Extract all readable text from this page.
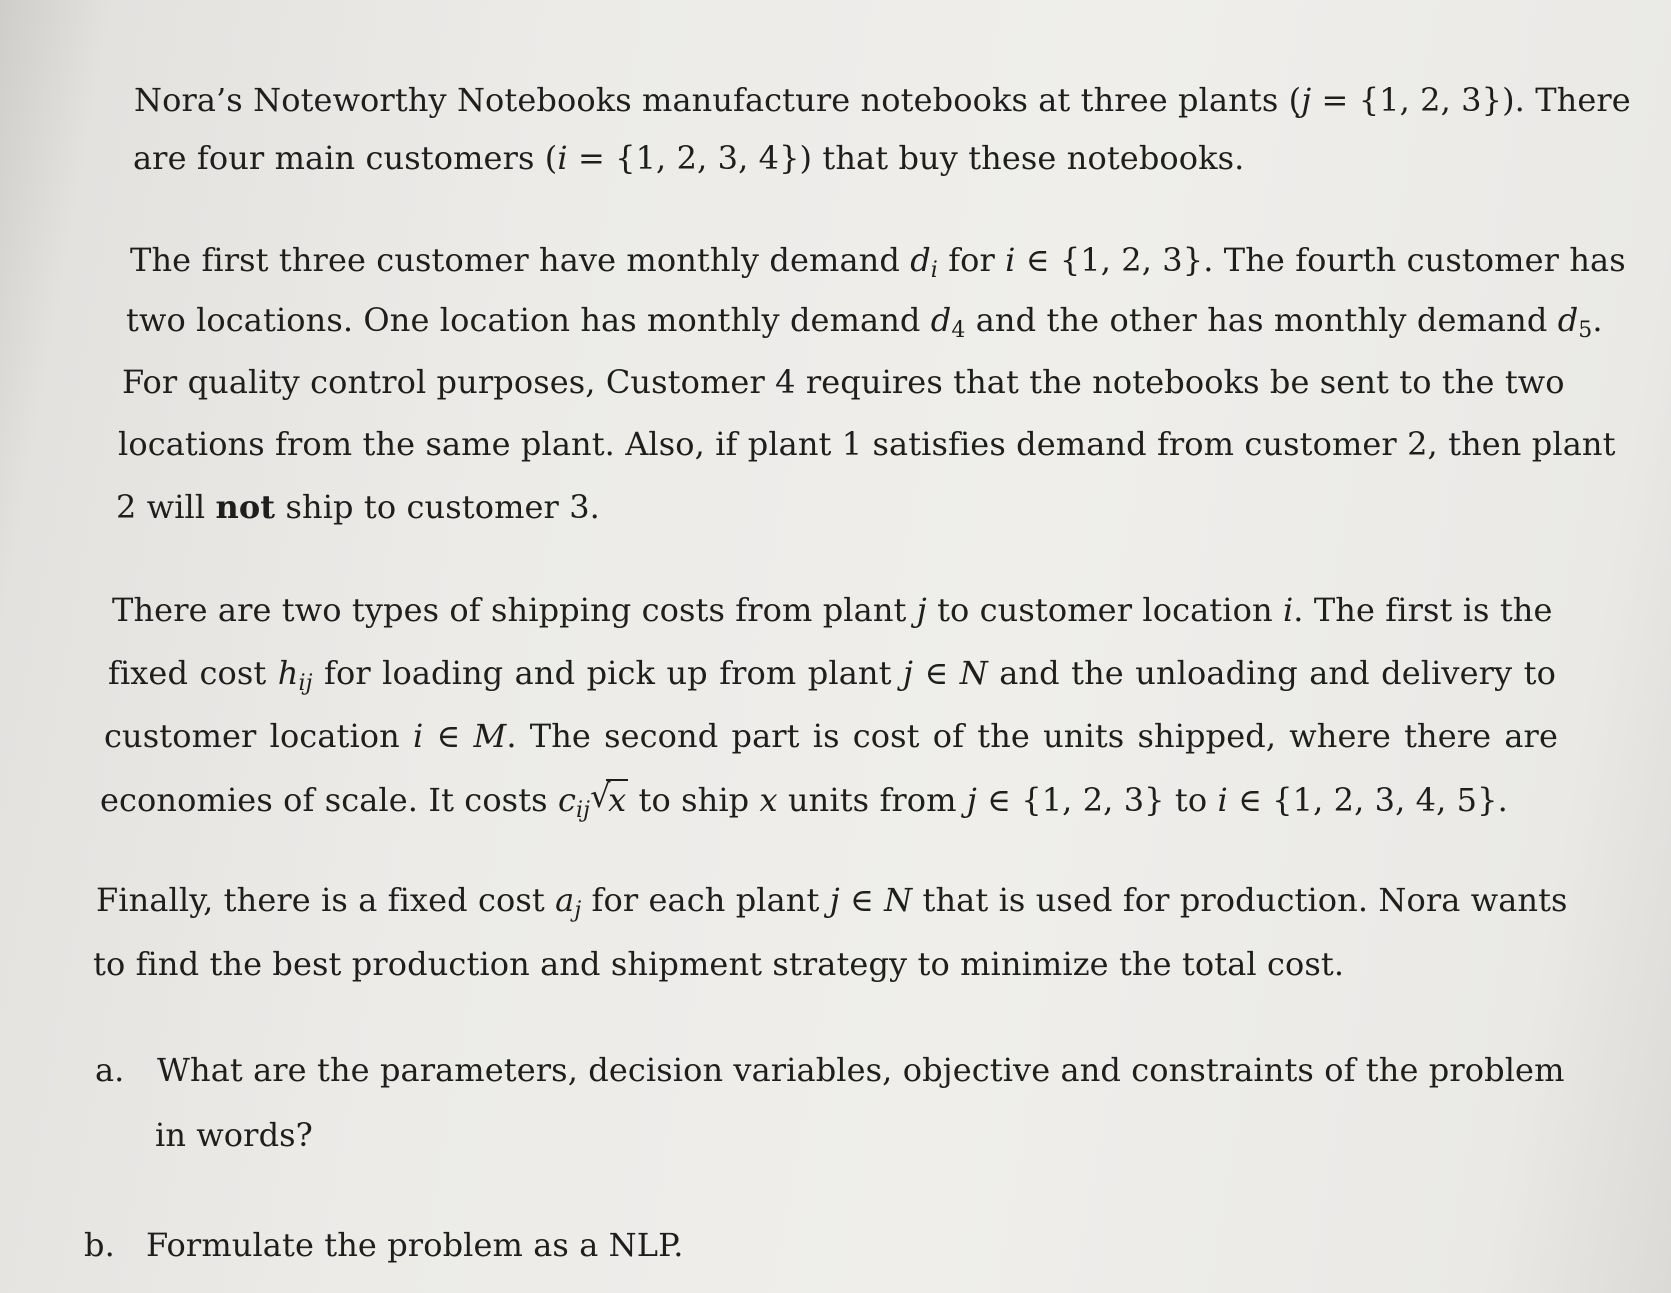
Nora’s Noteworthy Notebooks manufacture notebooks at three plants (j = {1, 2, 3}). There
are four main customers (i = {1, 2, 3, 4}) that buy these notebooks.
The first three customer have monthly demand $d_i$ for i ∈ {1, 2, 3}. The fourth customer has
two locations. One location has monthly demand $d_4$ and the other has monthly demand $d_5$.
For quality control purposes, Customer 4 requires that the notebooks be sent to the two
locations from the same plant. Also, if plant 1 satisfies demand from customer 2, then plant
2 will not ship to customer 3.
There are two types of shipping costs from plant j to customer location i. The first is the
fixed cost $h_{ij}$ for loading and pick up from plant j ∈ N and the unloading and delivery to
customer location i ∈ M. The second part is cost of the units shipped, where there are
economies of scale. It costs $c_{ij}$ √
x to ship x units from j ∈ {1, 2, 3} to i ∈ {1, 2, 3, 4, 5}.
Finally, there is a fixed cost $a_j$ for each plant j ∈ N that is used for production. Nora wants
to find the best production and shipment strategy to minimize the total cost.
a. What are the parameters, decision variables, objective and constraints of the problem
in words?
b. Formulate the problem as a NLP.
